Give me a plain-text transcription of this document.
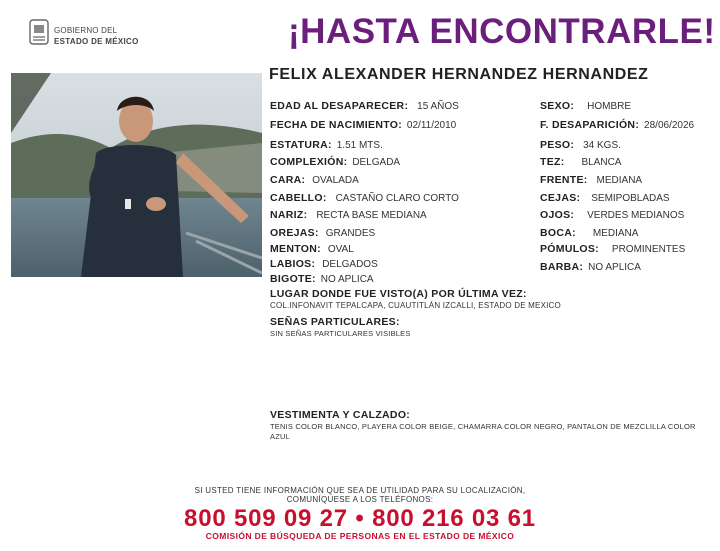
GOBIERNO DEL
ESTADO DE MÉXICO	¡HASTA ENCONTRARLE!
FELIX ALEXANDER HERNANDEZ HERNANDEZ
EDAD AL DESAPARECER: 15 AÑOS
FECHA DE NACIMIENTO: 02/11/2010
ESTATURA: 1.51 MTS.
COMPLEXIÓN: DELGADA
CARA: OVALADA
CABELLO: CASTAÑO CLARO CORTO
NARIZ: RECTA BASE MEDIANA
OREJAS: GRANDES
MENTON: OVAL
LABIOS: DELGADOS
BIGOTE: NO APLICA
SEXO: HOMBRE
F. DESAPARICIÓN: 28/06/2026
PESO: 34 KGS.
TEZ: BLANCA
FRENTE: MEDIANA
CEJAS: SEMIPOBLADAS
OJOS: VERDES MEDIANOS
BOCA: MEDIANA
PÓMULOS: PROMINENTES
BARBA: NO APLICA
LUGAR DONDE FUE VISTO(A) POR ÚLTIMA VEZ:
COL.INFONAVIT TEPALCAPA, CUAUTITLÁN IZCALLI, ESTADO DE MEXICO
SEÑAS PARTICULARES:
SIN SEÑAS PARTICULARES VISIBLES
VESTIMENTA Y CALZADO:
TENIS COLOR BLANCO, PLAYERA COLOR BEIGE, CHAMARRA COLOR NEGRO, PANTALON DE MEZCLILLA COLOR
AZUL
SI USTED TIENE INFORMACIÓN QUE SEA DE UTILIDAD PARA SU LOCALIZACIÓN,
COMUNÍQUESE A LOS TELÉFONOS:
800 509 09 27 • 800 216 03 61
COMISIÓN DE BÚSQUEDA DE PERSONAS EN EL ESTADO DE MÉXICO
